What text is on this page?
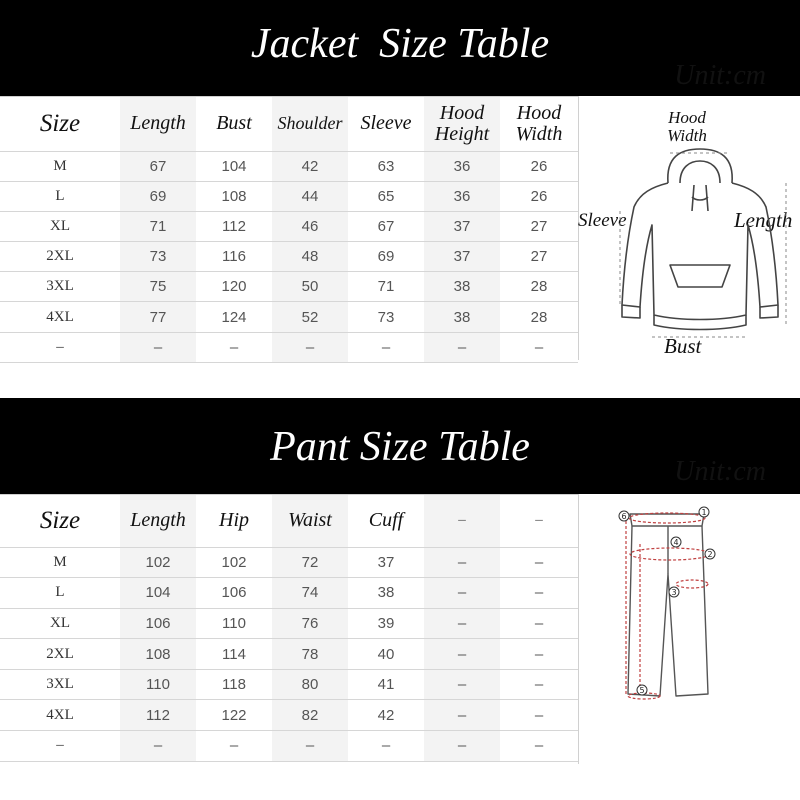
Jacket  Size Table
Unit:cm
Size	Length	Bust	Shoulder	Sleeve	Hood Height	Hood Width
M	67	104	42	63	36	26
L	69	108	44	65	36	26
XL	71	112	46	67	37	27
2XL	73	116	48	69	37	27
3XL	75	120	50	71	38	28
4XL	77	124	52	73	38	28
–	–	–	–	–	–	–
Hood Width
Sleeve	Length
Bust
Pant Size Table
Unit:cm
Size	Length	Hip	Waist	Cuff	–	–
M	102	102	72	37	–	–
L	104	106	74	38	–	–
XL	106	110	76	39	–	–
2XL	108	114	78	40	–	–
3XL	110	118	80	41	–	–
4XL	112	122	82	42	–	–
–	–	–	–	–	–	–
1
2
3
4
5
6
